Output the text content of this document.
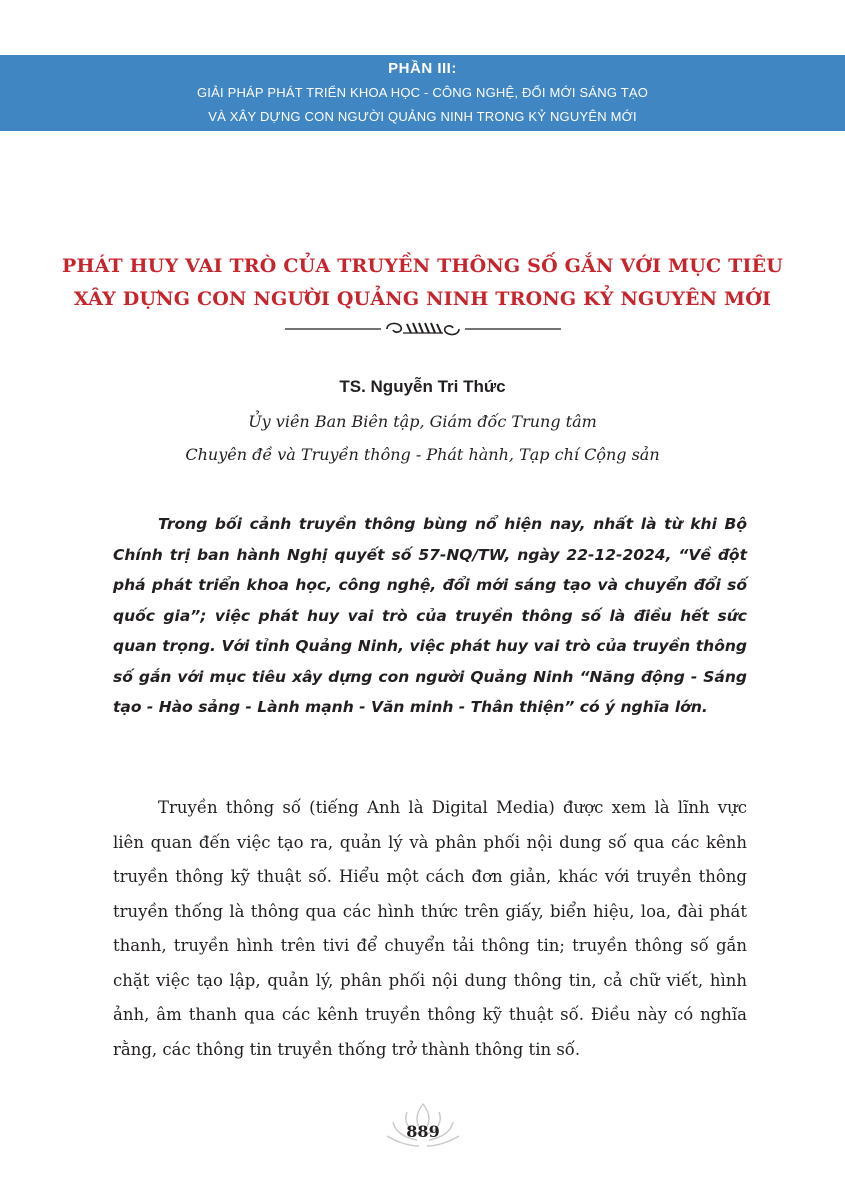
PHẦN III:
GIẢI PHÁP PHÁT TRIỂN KHOA HỌC - CÔNG NGHỆ, ĐỔI MỚI SÁNG TẠO
VÀ XÂY DỰNG CON NGƯỜI QUẢNG NINH TRONG KỶ NGUYÊN MỚI
PHÁT HUY VAI TRÒ CỦA TRUYỀN THÔNG SỐ GẮN VỚI MỤC TIÊU
XÂY DỰNG CON NGƯỜI QUẢNG NINH TRONG KỶ NGUYÊN MỚI
TS. Nguyễn Tri Thức
Ủy viên Ban Biên tập, Giám đốc Trung tâm
Chuyên đề và Truyền thông - Phát hành, Tạp chí Cộng sản

Trong bối cảnh truyền thông bùng nổ hiện nay, nhất là từ khi Bộ Chính trị ban hành Nghị quyết số 57-NQ/TW, ngày 22-12-2024, “Về đột phá phát triển khoa học, công nghệ, đổi mới sáng tạo và chuyển đổi số quốc gia”; việc phát huy vai trò của truyền thông số là điều hết sức quan trọng. Với tỉnh Quảng Ninh, việc phát huy vai trò của truyền thông số gắn với mục tiêu xây dựng con người Quảng Ninh “Năng động - Sáng tạo - Hào sảng - Lành mạnh - Văn minh - Thân thiện” có ý nghĩa lớn.

Truyền thông số (tiếng Anh là Digital Media) được xem là lĩnh vực liên quan đến việc tạo ra, quản lý và phân phối nội dung số qua các kênh truyền thông kỹ thuật số. Hiểu một cách đơn giản, khác với truyền thông truyền thống là thông qua các hình thức trên giấy, biển hiệu, loa, đài phát thanh, truyền hình trên tivi để chuyển tải thông tin; truyền thông số gắn chặt việc tạo lập, quản lý, phân phối nội dung thông tin, cả chữ viết, hình ảnh, âm thanh qua các kênh truyền thông kỹ thuật số. Điều này có nghĩa rằng, các thông tin truyền thống trở thành thông tin số.

889
